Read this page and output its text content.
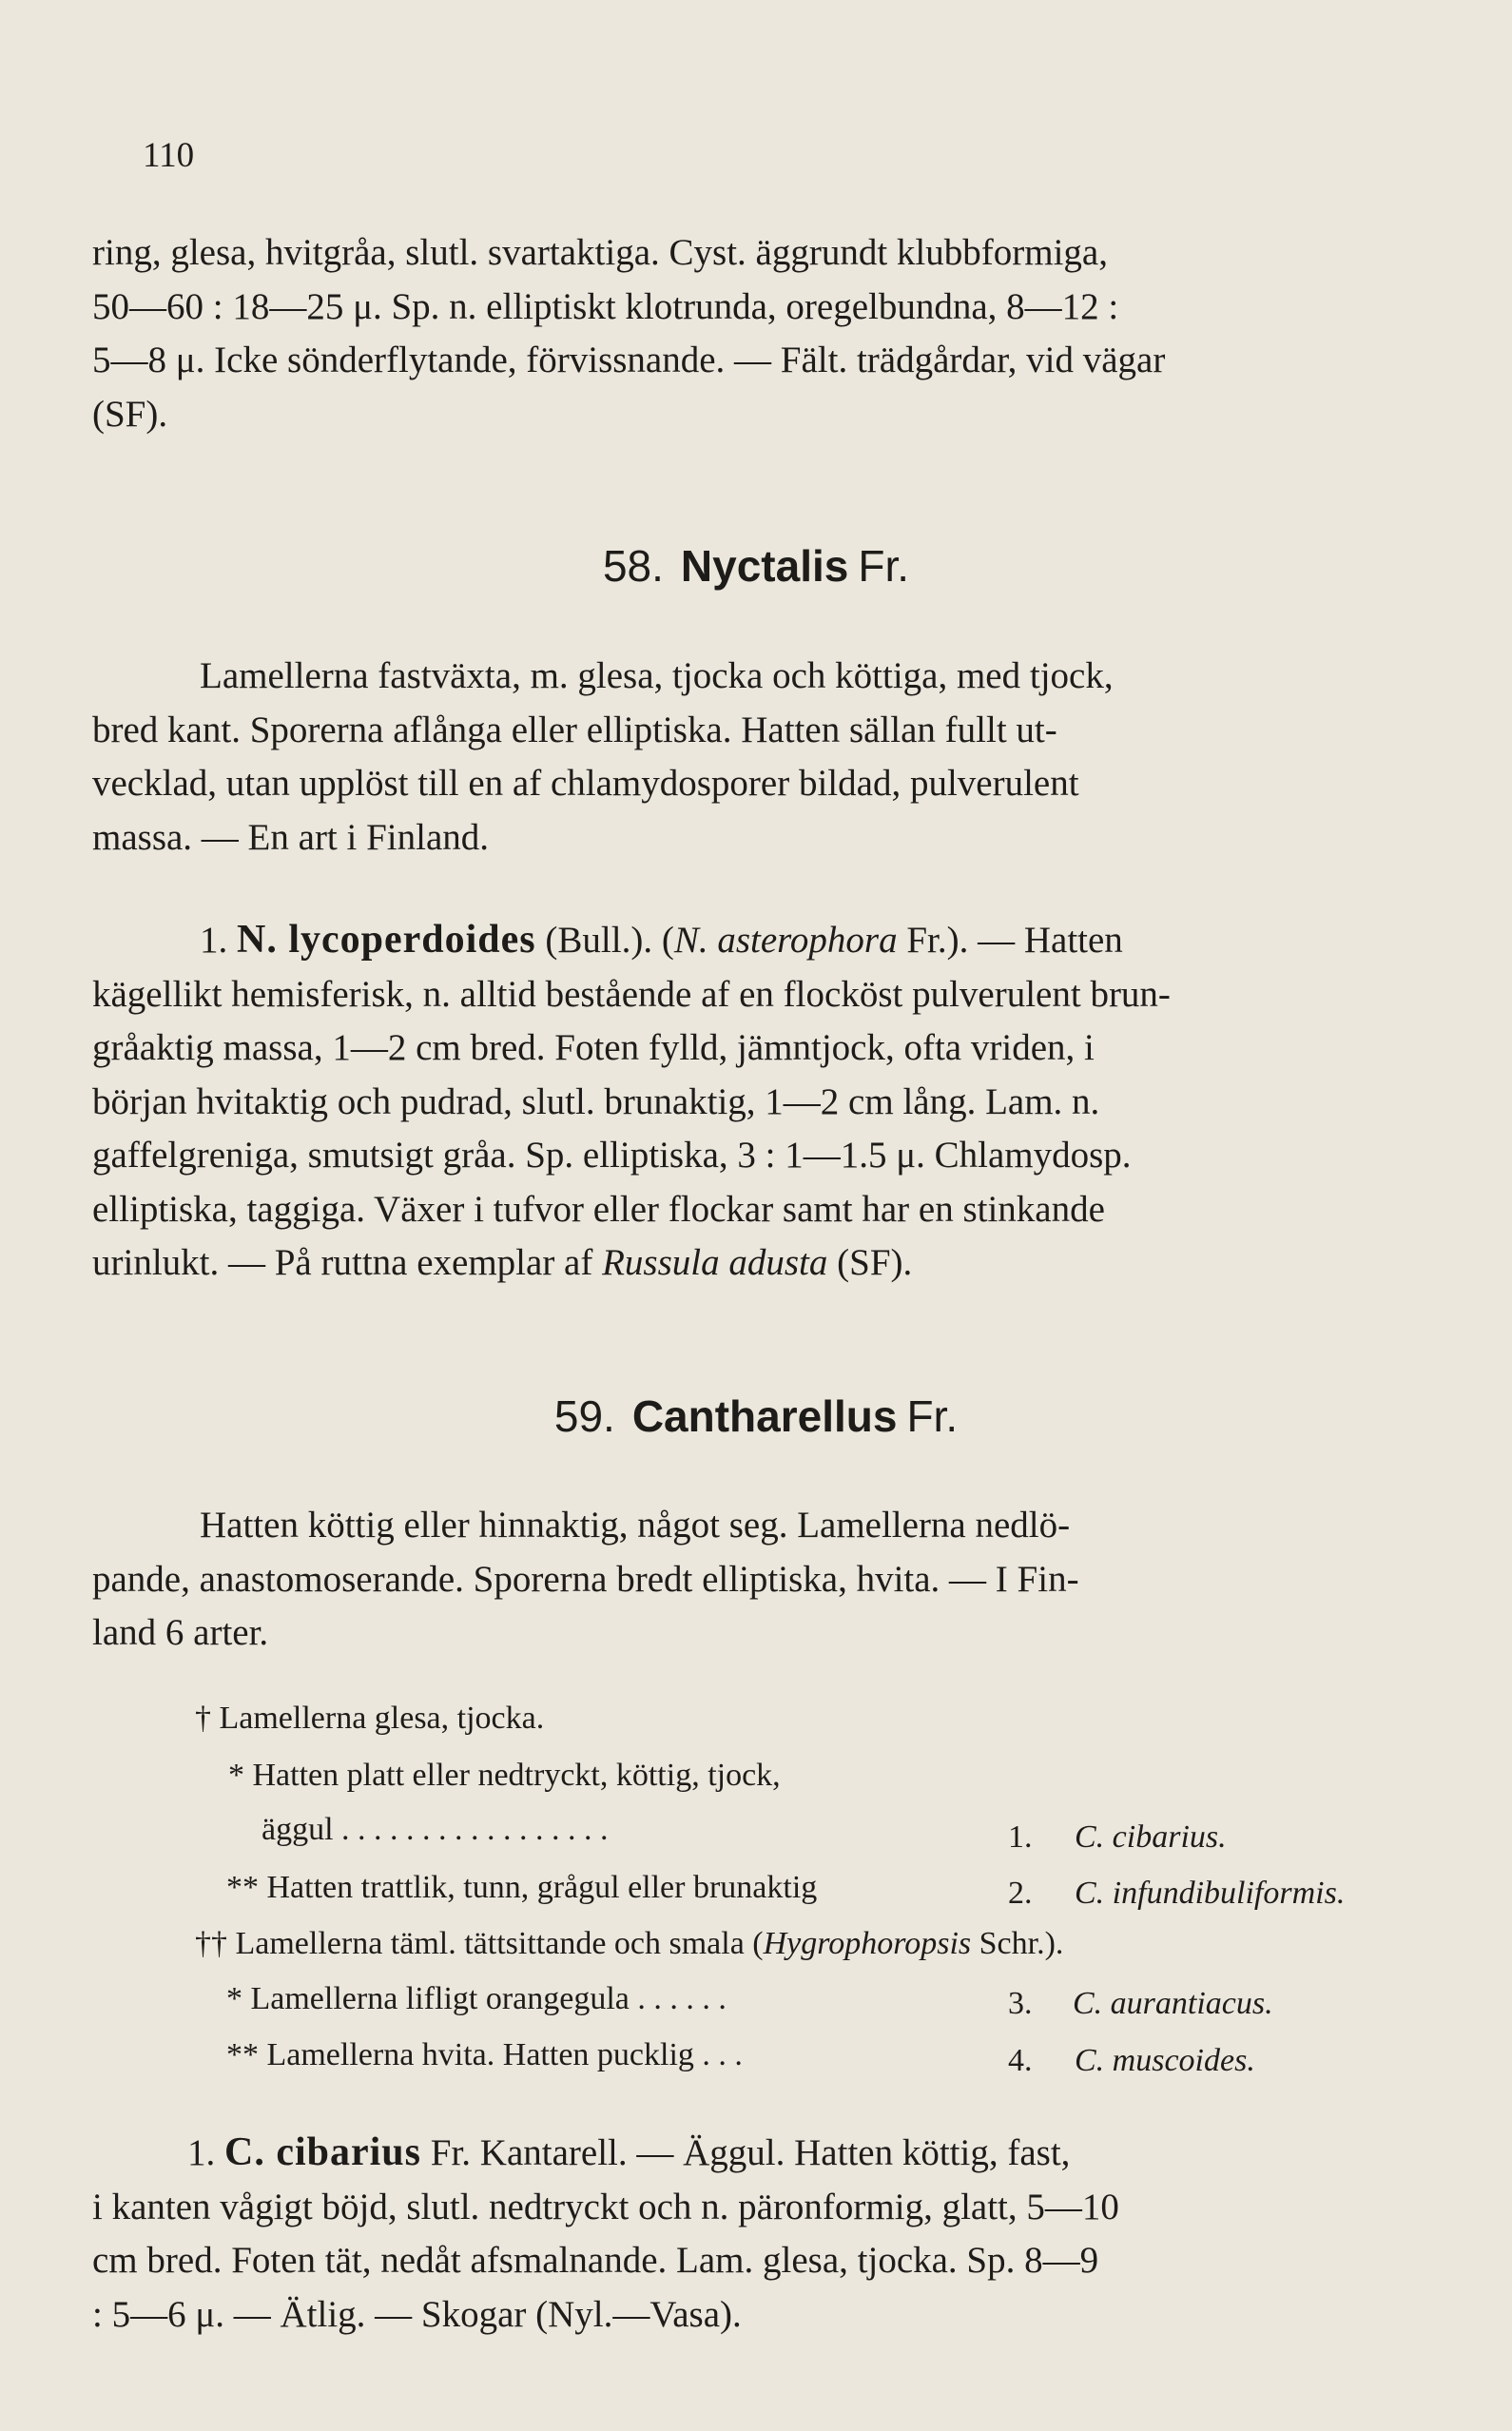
110
ring, glesa, hvitgråa, slutl. svartaktiga. Cyst. äggrundt klubbformiga,
50—60 : 18—25 μ. Sp. n. elliptiskt klotrunda, oregelbundna, 8—12 :
5—8 μ. Icke sönderflytande, förvissnande. — Fält. trädgårdar, vid vägar
(SF).
58. Nyctalis Fr.
Lamellerna fastväxta, m. glesa, tjocka och köttiga, med tjock,
bred kant. Sporerna aflånga eller elliptiska. Hatten sällan fullt ut-
vecklad, utan upplöst till en af chlamydosporer bildad, pulverulent
massa. — En art i Finland.
1. N. lycoperdoides (Bull.). (N. asterophora Fr.). — Hatten
kägellikt hemisferisk, n. alltid bestående af en flocköst pulverulent brun-
gråaktig massa, 1—2 cm bred. Foten fylld, jämntjock, ofta vriden, i
början hvitaktig och pudrad, slutl. brunaktig, 1—2 cm lång. Lam. n.
gaffelgreniga, smutsigt gråa. Sp. elliptiska, 3 : 1—1.5 μ. Chlamydosp.
elliptiska, taggiga. Växer i tufvor eller flockar samt har en stinkande
urinlukt. — På ruttna exemplar af Russula adusta (SF).
59. Cantharellus Fr.
Hatten köttig eller hinnaktig, något seg. Lamellerna nedlö-
pande, anastomoserande. Sporerna bredt elliptiska, hvita. — I Fin-
land 6 arter.
† Lamellerna glesa, tjocka.
* Hatten platt eller nedtryckt, köttig, tjock,
äggul . . . . . . . . . . . . . . . . .	1. C. cibarius.
** Hatten trattlik, tunn, grågul eller brunaktig	2. C. infundibuliformis.
†† Lamellerna täml. tättsittande och smala (Hygrophoropsis Schr.).
* Lamellerna lifligt orangegula . . . . . .	3. C. aurantiacus.
** Lamellerna hvita. Hatten pucklig . . .	4. C. muscoides.
1. C. cibarius Fr. Kantarell. — Äggul. Hatten köttig, fast,
i kanten vågigt böjd, slutl. nedtryckt och n. päronformig, glatt, 5—10
cm bred. Foten tät, nedåt afsmalnande. Lam. glesa, tjocka. Sp. 8—9
: 5—6 μ. — Ätlig. — Skogar (Nyl.—Vasa).
